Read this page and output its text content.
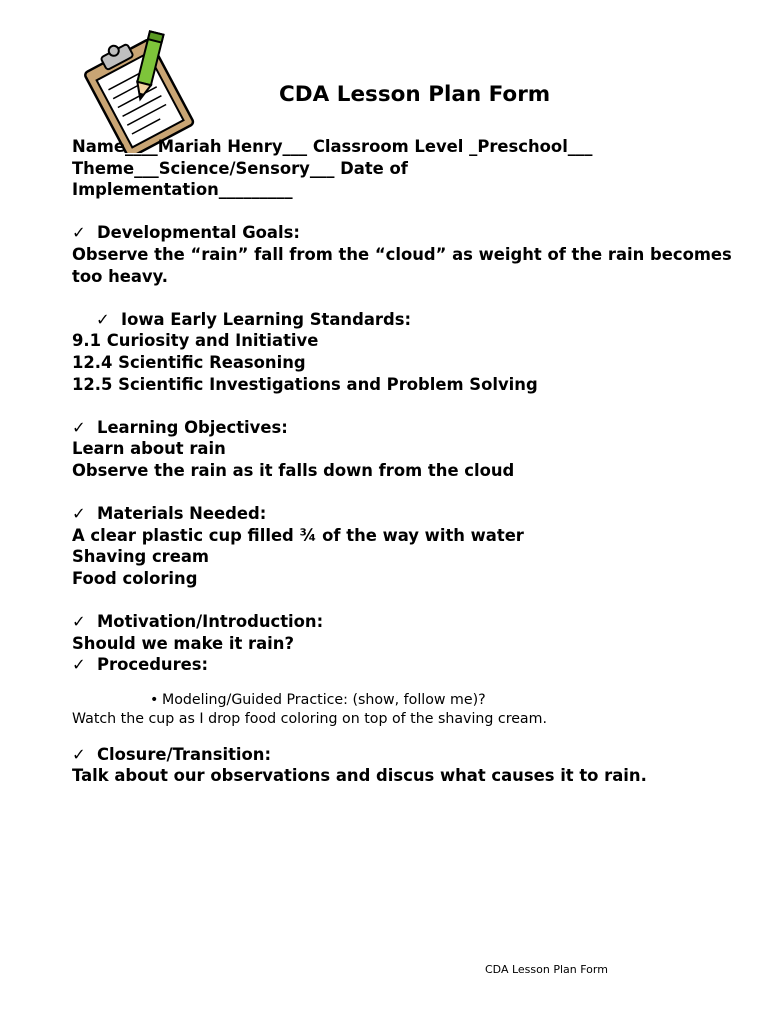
CDA Lesson Plan Form
Name____Mariah Henry___ Classroom Level _Preschool___
Theme___Science/Sensory___ Date of
Implementation_________
✓ Developmental Goals:
Observe the “rain” fall from the “cloud” as weight of the rain becomes too heavy.
✓ Iowa Early Learning Standards:
9.1 Curiosity and Initiative
12.4 Scientific Reasoning
12.5 Scientific Investigations and Problem Solving
✓ Learning Objectives:
Learn about rain
Observe the rain as it falls down from the cloud
✓ Materials Needed:
A clear plastic cup filled ¾ of the way with water
Shaving cream
Food coloring
✓ Motivation/Introduction:
Should we make it rain?
✓ Procedures:
• Modeling/Guided Practice: (show, follow me)?
Watch the cup as I drop food coloring on top of the shaving cream.
✓ Closure/Transition:
Talk about our observations and discus what causes it to rain.
CDA Lesson Plan Form
